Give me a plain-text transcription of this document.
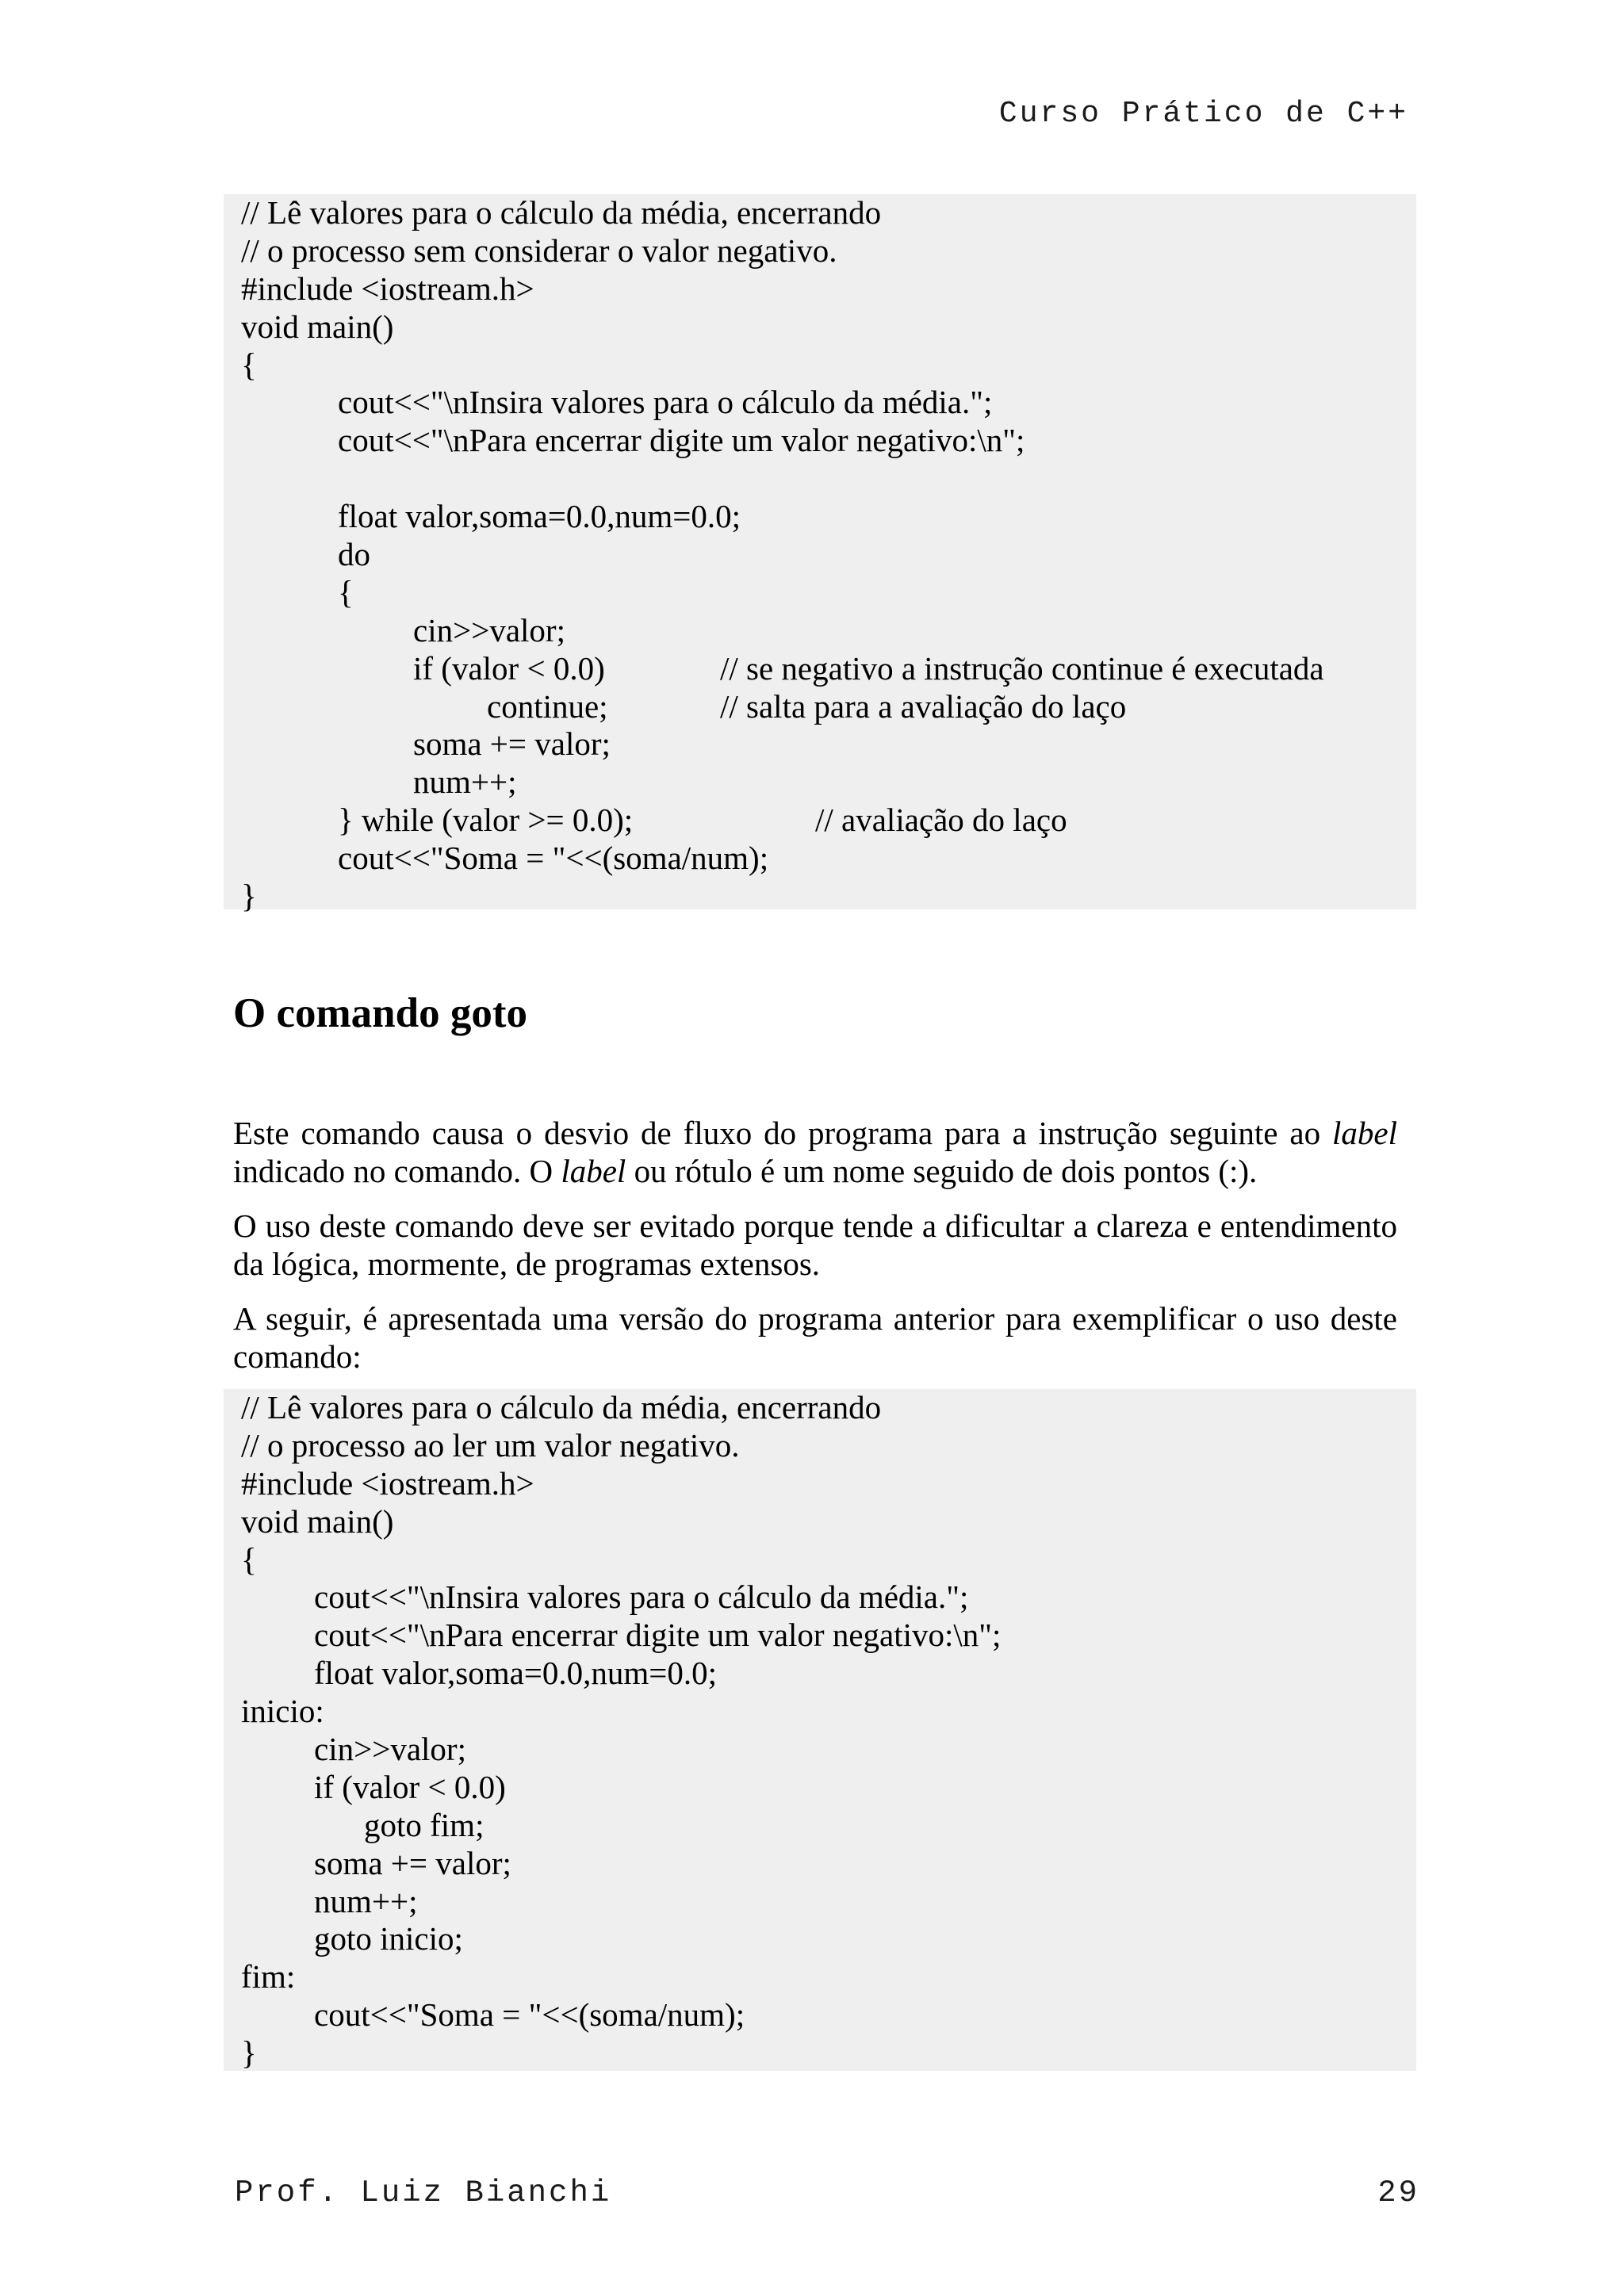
Curso Prático de C++
// Lê valores para o cálculo da média, encerrando
// o processo sem considerar o valor negativo.
#include <iostream.h>
void main()
{
cout<<"\nInsira valores para o cálculo da média.";
cout<<"\nPara encerrar digite um valor negativo:\n";
float valor,soma=0.0,num=0.0;
do
{
cin>>valor;
if (valor < 0.0)	// se negativo a instrução continue é executada
continue;	// salta para a avaliação do laço
soma += valor;
num++;
} while (valor >= 0.0);	// avaliação do laço
cout<<"Soma = "<<(soma/num);
}
O comando goto

Este comando causa o desvio de fluxo do programa para a instrução seguinte ao label indicado no comando. O label ou rótulo é um nome seguido de dois pontos (:).

O uso deste comando deve ser evitado porque tende a dificultar a clareza e entendimento da lógica, mormente, de programas extensos.

A seguir, é apresentada uma versão do programa anterior para exemplificar o uso deste comando:

// Lê valores para o cálculo da média, encerrando
// o processo ao ler um valor negativo.
#include <iostream.h>
void main()
{
cout<<"\nInsira valores para o cálculo da média.";
cout<<"\nPara encerrar digite um valor negativo:\n";
float valor,soma=0.0,num=0.0;
inicio:
cin>>valor;
if (valor < 0.0)
goto fim;
soma += valor;
num++;
goto inicio;
fim:
cout<<"Soma = "<<(soma/num);
}
Prof. Luiz Bianchi	29
